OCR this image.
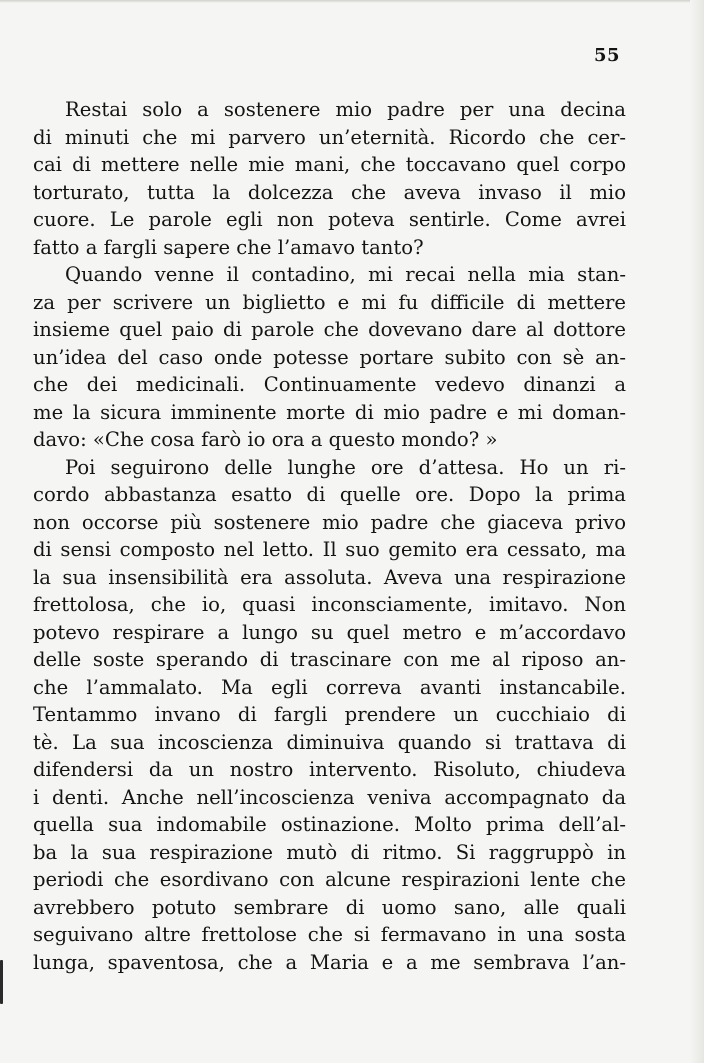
55
Restai solo a sostenere mio padre per una decina
di minuti che mi parvero un’eternità. Ricordo che cer-
cai di mettere nelle mie mani, che toccavano quel corpo
torturato, tutta la dolcezza che aveva invaso il mio
cuore. Le parole egli non poteva sentirle. Come avrei
fatto a fargli sapere che l’amavo tanto?
Quando venne il contadino, mi recai nella mia stan-
za per scrivere un biglietto e mi fu difficile di mettere
insieme quel paio di parole che dovevano dare al dottore
un’idea del caso onde potesse portare subito con sè an-
che dei medicinali. Continuamente vedevo dinanzi a
me la sicura imminente morte di mio padre e mi doman-
davo: «Che cosa farò io ora a questo mondo? »
Poi seguirono delle lunghe ore d’attesa. Ho un ri-
cordo abbastanza esatto di quelle ore. Dopo la prima
non occorse più sostenere mio padre che giaceva privo
di sensi composto nel letto. Il suo gemito era cessato, ma
la sua insensibilità era assoluta. Aveva una respirazione
frettolosa, che io, quasi inconsciamente, imitavo. Non
potevo respirare a lungo su quel metro e m’accordavo
delle soste sperando di trascinare con me al riposo an-
che l’ammalato. Ma egli correva avanti instancabile.
Tentammo invano di fargli prendere un cucchiaio di
tè. La sua incoscienza diminuiva quando si trattava di
difendersi da un nostro intervento. Risoluto, chiudeva
i denti. Anche nell’incoscienza veniva accompagnato da
quella sua indomabile ostinazione. Molto prima dell’al-
ba la sua respirazione mutò di ritmo. Si raggruppò in
periodi che esordivano con alcune respirazioni lente che
avrebbero potuto sembrare di uomo sano, alle quali
seguivano altre frettolose che si fermavano in una sosta
lunga, spaventosa, che a Maria e a me sembrava l’an-
